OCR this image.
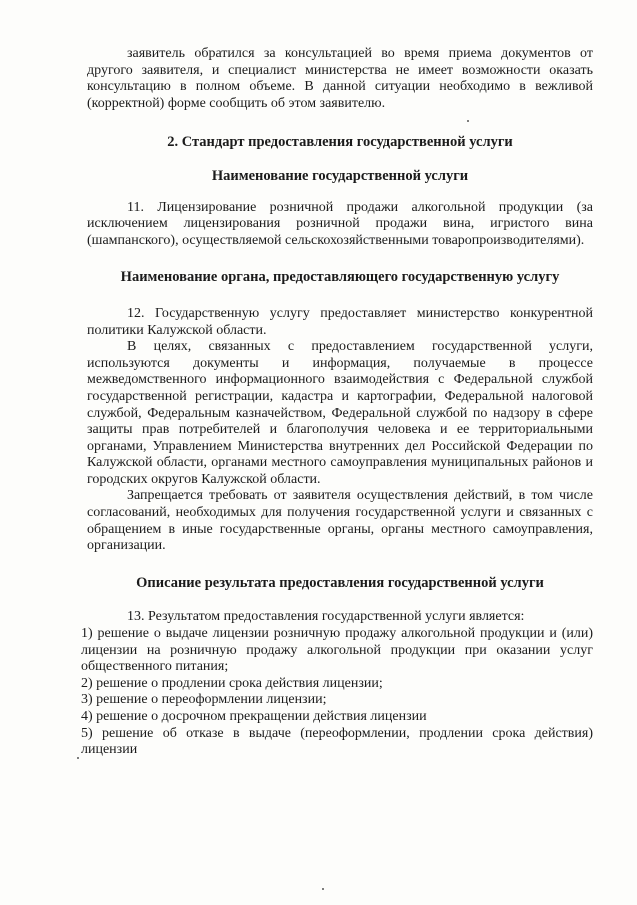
заявитель обратился за консультацией во время приема документов от другого заявителя, и специалист министерства не имеет возможности оказать консультацию в полном объеме. В данной ситуации необходимо в вежливой (корректной) форме сообщить об этом заявителю.

2. Стандарт предоставления государственной услуги

Наименование государственной услуги

11. Лицензирование розничной продажи алкогольной продукции (за исключением лицензирования розничной продажи вина, игристого вина (шампанского), осуществляемой сельскохозяйственными товаропроизводителями).

Наименование органа, предоставляющего государственную услугу

12. Государственную услугу предоставляет министерство конкурентной политики Калужской области.

В целях, связанных с предоставлением государственной услуги, используются документы и информация, получаемые в процессе межведомственного информационного взаимодействия с Федеральной службой государственной регистрации, кадастра и картографии, Федеральной налоговой службой, Федеральным казначейством, Федеральной службой по надзору в сфере защиты прав потребителей и благополучия человека и ее территориальными органами, Управлением Министерства внутренних дел Российской Федерации по Калужской области, органами местного самоуправления муниципальных районов и городских округов Калужской области.

Запрещается требовать от заявителя осуществления действий, в том числе согласований, необходимых для получения государственной услуги и связанных с обращением в иные государственные органы, органы местного самоуправления, организации.

Описание результата предоставления государственной услуги

13. Результатом предоставления государственной услуги является:

1) решение о выдаче лицензии розничную продажу алкогольной продукции и (или) лицензии на розничную продажу алкогольной продукции при оказании услуг общественного питания;

2) решение о продлении срока действия лицензии;

3) решение о переоформлении лицензии;

4) решение о досрочном прекращении действия лицензии

5) решение об отказе в выдаче (переоформлении, продлении срока действия) лицензии
